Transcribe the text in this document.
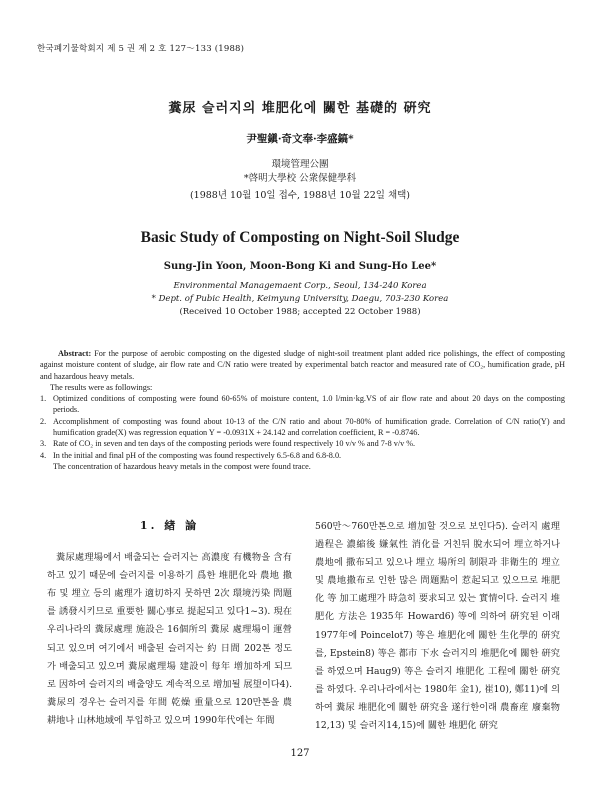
한국폐기물학회지 제 5 권 제 2 호 127～133 (1988)
糞尿 슬러지의 堆肥化에 關한 基礎的 硏究
尹聖鎭·奇文奉·李盛鎬*
環境管理公團
*啓明大學校 公衆保健學科
(1988년 10월 10일 접수, 1988년 10월 22일 채택)
Basic Study of Composting on Night-Soil Sludge
Sung-Jin Yoon, Moon-Bong Ki and Sung-Ho Lee*
Environmental Managemaent Corp., Seoul, 134-240 Korea
* Dept. of Pubic Health, Keimyung University, Daegu, 703-230 Korea
(Received 10 October 1988; accepted 22 October 1988)

Abstract: For the purpose of aerobic composting on the digested sludge of night-soil treatment plant added rice polishings, the effect of composting against moisture content of sludge, air flow rate and C/N ratio were treated by experimental batch reactor and measured rate of CO₂, humification grade, pH and hazardous heavy metals.

The results were as followings:

1. Optimized conditions of composting were found 60-65% of moisture content, 1.0 l/min·kg.VS of air flow rate and about 20 days on the composting periods.
2. Accomplishment of composting was found about 10-13 of the C/N ratio and about 70-80% of humification grade. Correlation of C/N ratio(Y) and humification grade(X) was regression equation Y = -0.0931X + 24.142 and correlation coefficient, R = -0.8746.
3. Rate of CO₂ in seven and ten days of the composting periods were found respectively 10 v/v % and 7-8 v/v %.
4. In the initial and final pH of the composting was found respectively 6.5-6.8 and 6.8-8.0.

The concentration of hazardous heavy metals in the compost were found trace.

1. 緖 論

糞尿處理場에서 배출되는 슬러지는 高濃度 有機物을 含有하고 있기 때문에 슬러지를 이용하기 爲한 堆肥化와 農地 撒布 및 埋立 등의 處理가 適切하지 못하면 2次 環境汚染 問題를 誘發시키므로 重要한 關心事로 提起되고 있다1~3). 現在 우리나라의 糞尿處理 施設은 16個所의 糞尿 處理場이 運營되고 있으며 여기에서 배출된 슬러지는 約 日間 202톤 정도가 배출되고 있으며 糞尿處理場 建設이 每年 增加하게 되므로 因하여 슬러지의 배출양도 계속적으로 增加될 展望이다4). 糞尿의 경우는 슬러지를 年間 乾燥 重量으로 120만톤을 農耕地나 山林地域에 투입하고 있으며 1990年代에는 年間

560만～760만톤으로 增加할 것으로 보인다5). 슬러지 處理 過程은 濃縮後 嫌氣性 消化를 거친뒤 脫水되어 埋立하거나 農地에 撒布되고 있으나 埋立 場所의 制限과 非衛生的 埋立 및 農地撒布로 인한 많은 問題點이 惹起되고 있으므로 堆肥化 等 加工處理가 時急히 要求되고 있는 實情이다. 슬러지 堆肥化 方法은 1935年 Howard6) 等에 의하여 硏究된 이래 1977年에 Poincelot7) 等은 堆肥化에 關한 生化學的 硏究를, Epstein8) 等은 都市 下水 슬러지의 堆肥化에 關한 硏究를 하였으며 Haug9) 等은 슬러지 堆肥化 工程에 關한 硏究를 하였다. 우리나라에서는 1980年 金1), 崔10), 鄭11)에 의하여 糞尿 堆肥化에 關한 硏究을 遂行한이래 農畜産 廢棄物12,13) 및 슬러지14,15)에 關한 堆肥化 硏究

127
